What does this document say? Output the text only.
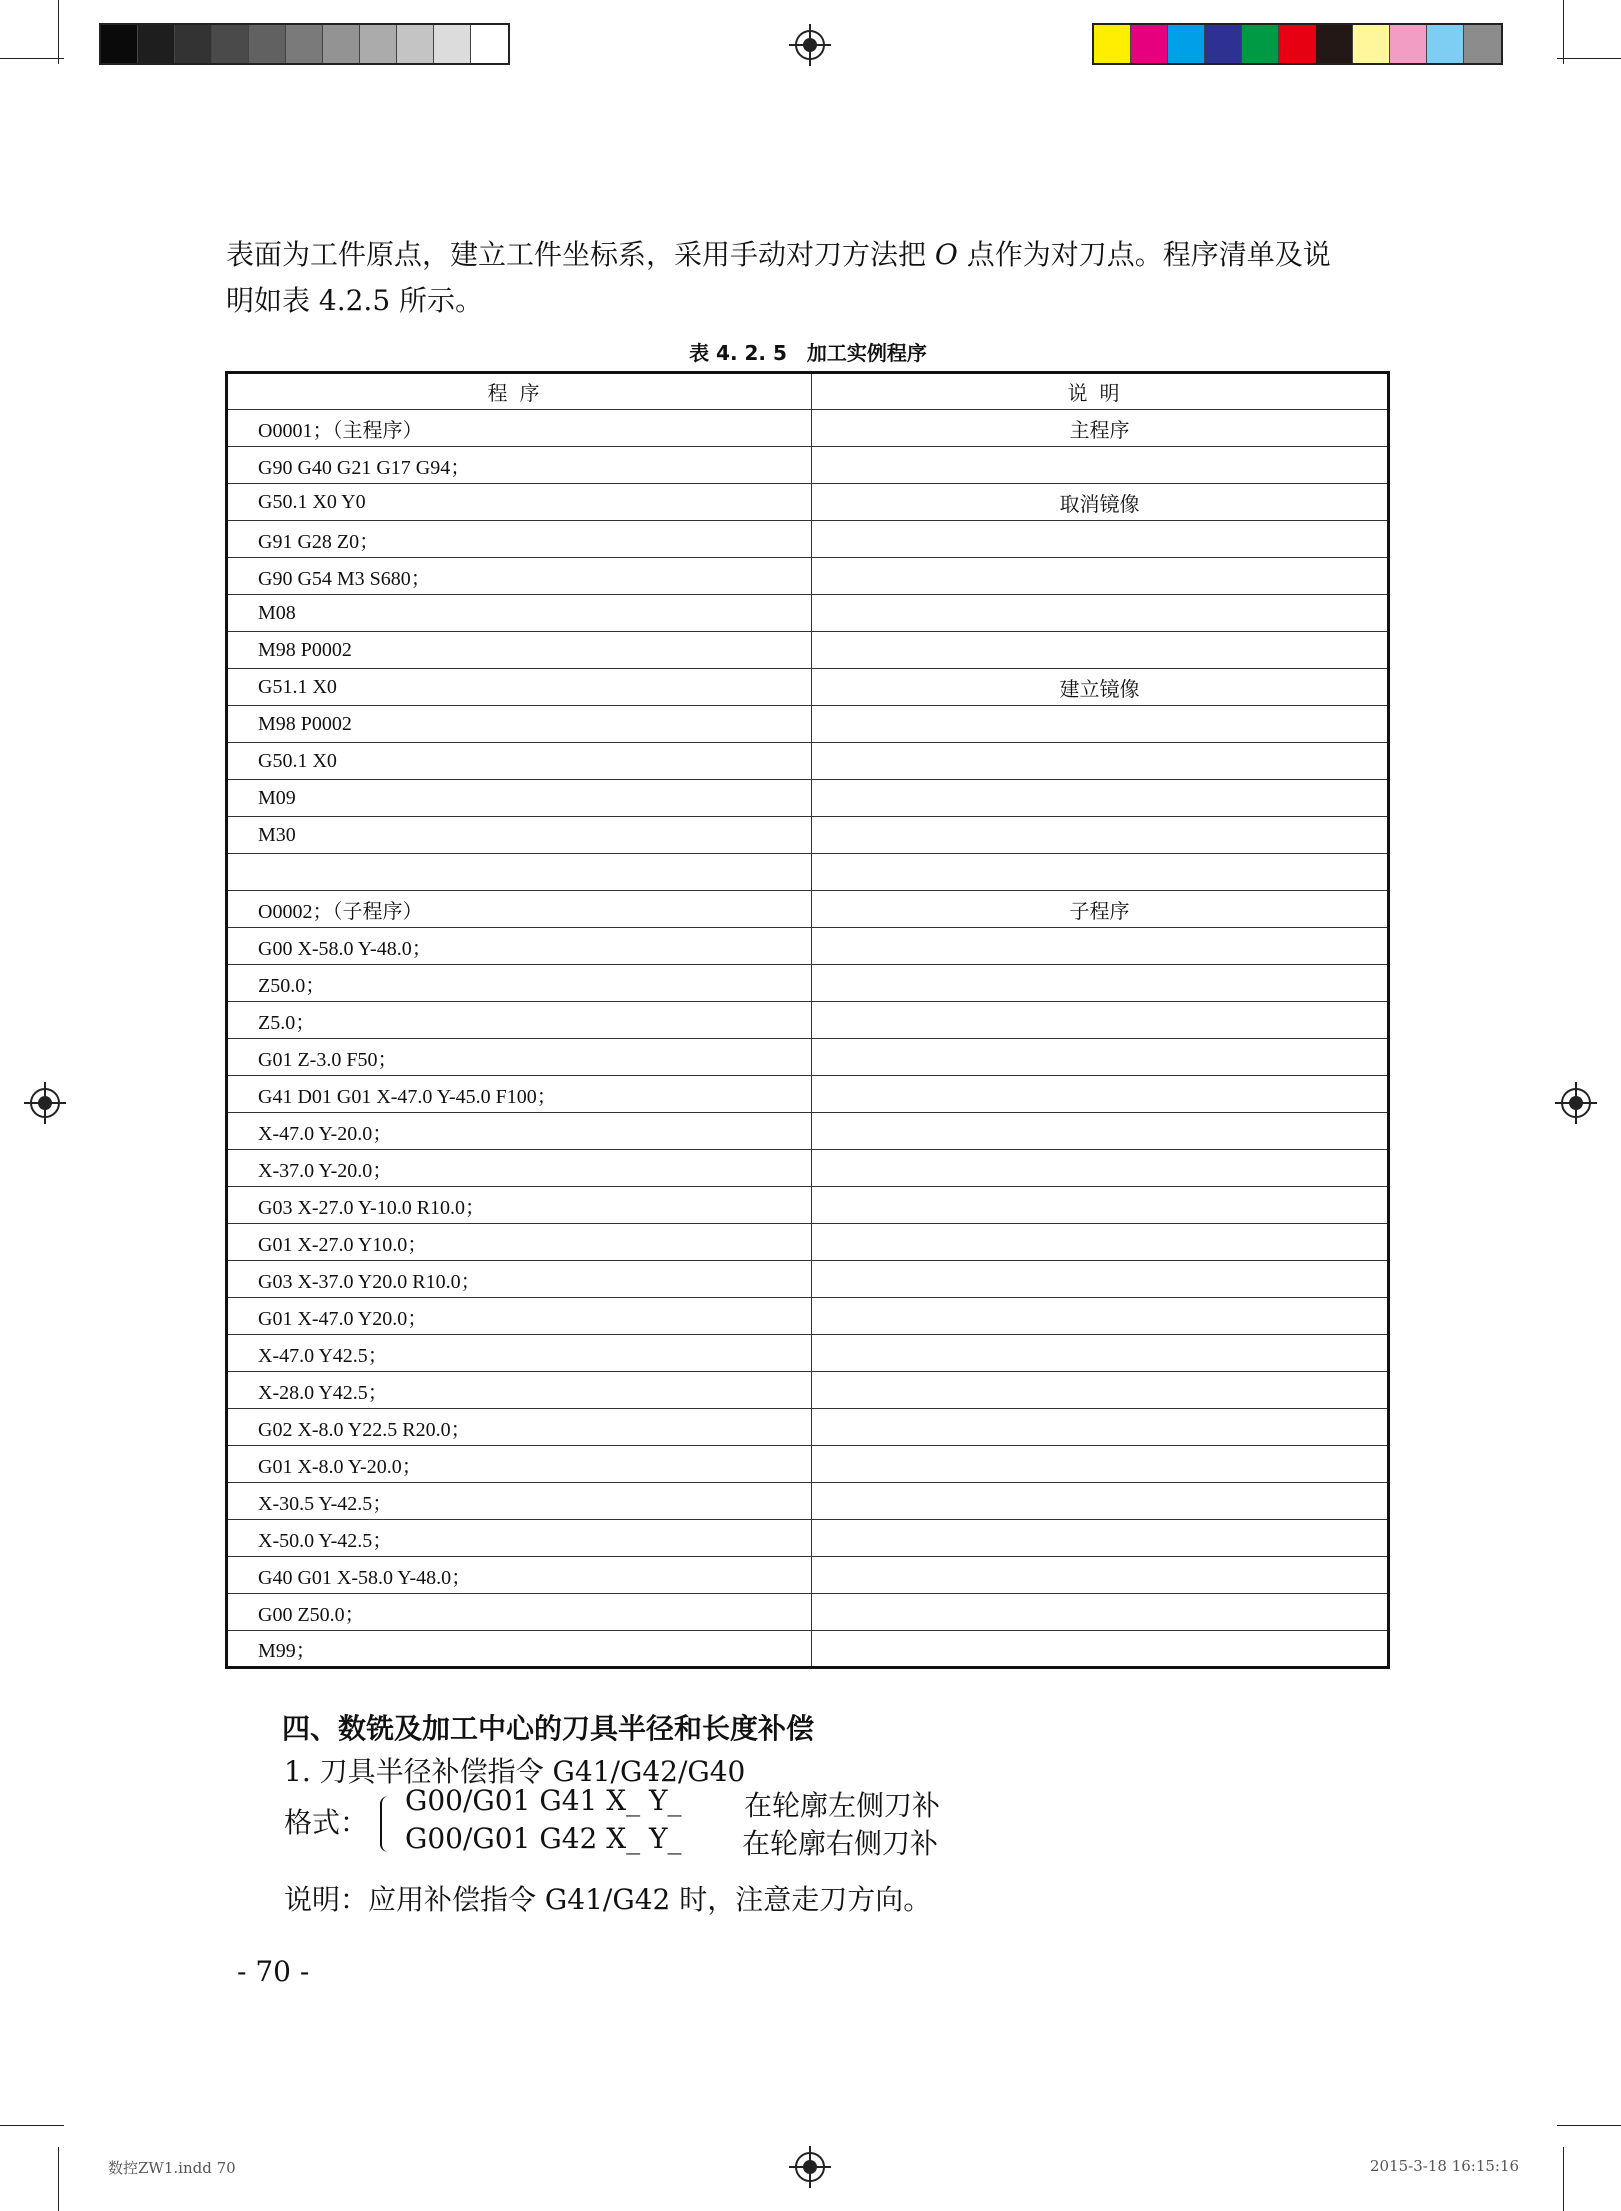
表面为工件原点，建立工件坐标系，采用手动对刀方法把 O 点作为对刀点。程序清单及说
明如表 4.2.5 所示。
表 4. 2. 5　加工实例程序
程序	说明
O0001；（主程序）	主程序
G90 G40 G21 G17 G94；	
G50.1 X0 Y0	取消镜像
G91 G28 Z0；	
G90 G54 M3 S680；	
M08	
M98 P0002	
G51.1 X0	建立镜像
M98 P0002	
G50.1 X0	
M09	
M30	

O0002；（子程序）	子程序
G00 X-58.0 Y-48.0；	
Z50.0；	
Z5.0；	
G01 Z-3.0 F50；	
G41 D01 G01 X-47.0 Y-45.0 F100；	
X-47.0 Y-20.0；	
X-37.0 Y-20.0；	
G03 X-27.0 Y-10.0 R10.0；	
G01 X-27.0 Y10.0；	
G03 X-37.0 Y20.0 R10.0；	
G01 X-47.0 Y20.0；	
X-47.0 Y42.5；	
X-28.0 Y42.5；	
G02 X-8.0 Y22.5 R20.0；	
G01 X-8.0 Y-20.0；	
X-30.5 Y-42.5；	
X-50.0 Y-42.5；	
G40 G01 X-58.0 Y-48.0；	
G00 Z50.0；	
M99；	
四、数铣及加工中心的刀具半径和长度补偿
1. 刀具半径补偿指令 G41/G42/G40
格式：
G00/G01 G41 X_ Y_ 在轮廓左侧刀补
G00/G01 G42 X_ Y_ 在轮廓右侧刀补
说明：应用补偿指令 G41/G42 时，注意走刀方向。
- 70 -
数控ZW1.indd 70	2015-3-18 16:15:16
